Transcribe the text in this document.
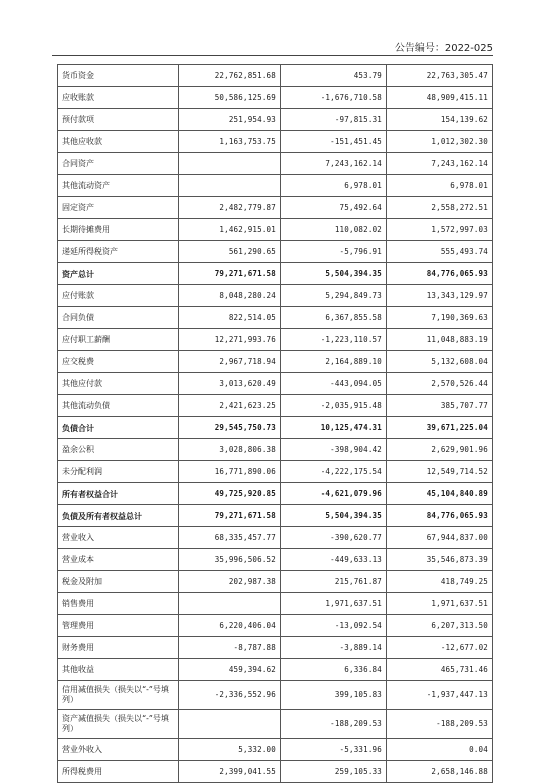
公告编号：2022-025
货币资金	22,762,851.68	453.79	22,763,305.47
应收账款	50,586,125.69	-1,676,710.58	48,909,415.11
预付款项	251,954.93	-97,815.31	154,139.62
其他应收款	1,163,753.75	-151,451.45	1,012,302.30
合同资产		7,243,162.14	7,243,162.14
其他流动资产		6,978.01	6,978.01
固定资产	2,482,779.87	75,492.64	2,558,272.51
长期待摊费用	1,462,915.01	110,082.02	1,572,997.03
递延所得税资产	561,290.65	-5,796.91	555,493.74
资产总计	79,271,671.58	5,504,394.35	84,776,065.93
应付账款	8,048,280.24	5,294,849.73	13,343,129.97
合同负债	822,514.05	6,367,855.58	7,190,369.63
应付职工薪酬	12,271,993.76	-1,223,110.57	11,048,883.19
应交税费	2,967,718.94	2,164,889.10	5,132,608.04
其他应付款	3,013,620.49	-443,094.05	2,570,526.44
其他流动负债	2,421,623.25	-2,035,915.48	385,707.77
负债合计	29,545,750.73	10,125,474.31	39,671,225.04
盈余公积	3,028,806.38	-398,904.42	2,629,901.96
未分配利润	16,771,890.06	-4,222,175.54	12,549,714.52
所有者权益合计	49,725,920.85	-4,621,079.96	45,104,840.89
负债及所有者权益总计	79,271,671.58	5,504,394.35	84,776,065.93
营业收入	68,335,457.77	-390,620.77	67,944,837.00
营业成本	35,996,506.52	-449,633.13	35,546,873.39
税金及附加	202,987.38	215,761.87	418,749.25
销售费用		1,971,637.51	1,971,637.51
管理费用	6,220,406.04	-13,092.54	6,207,313.50
财务费用	-8,787.88	-3,889.14	-12,677.02
其他收益	459,394.62	6,336.84	465,731.46
信用减值损失（损失以“-”号填列）	-2,336,552.96	399,105.83	-1,937,447.13
资产减值损失（损失以“-”号填列）		-188,209.53	-188,209.53
营业外收入	5,332.00	-5,331.96	0.04
所得税费用	2,399,041.55	259,105.33	2,658,146.88
